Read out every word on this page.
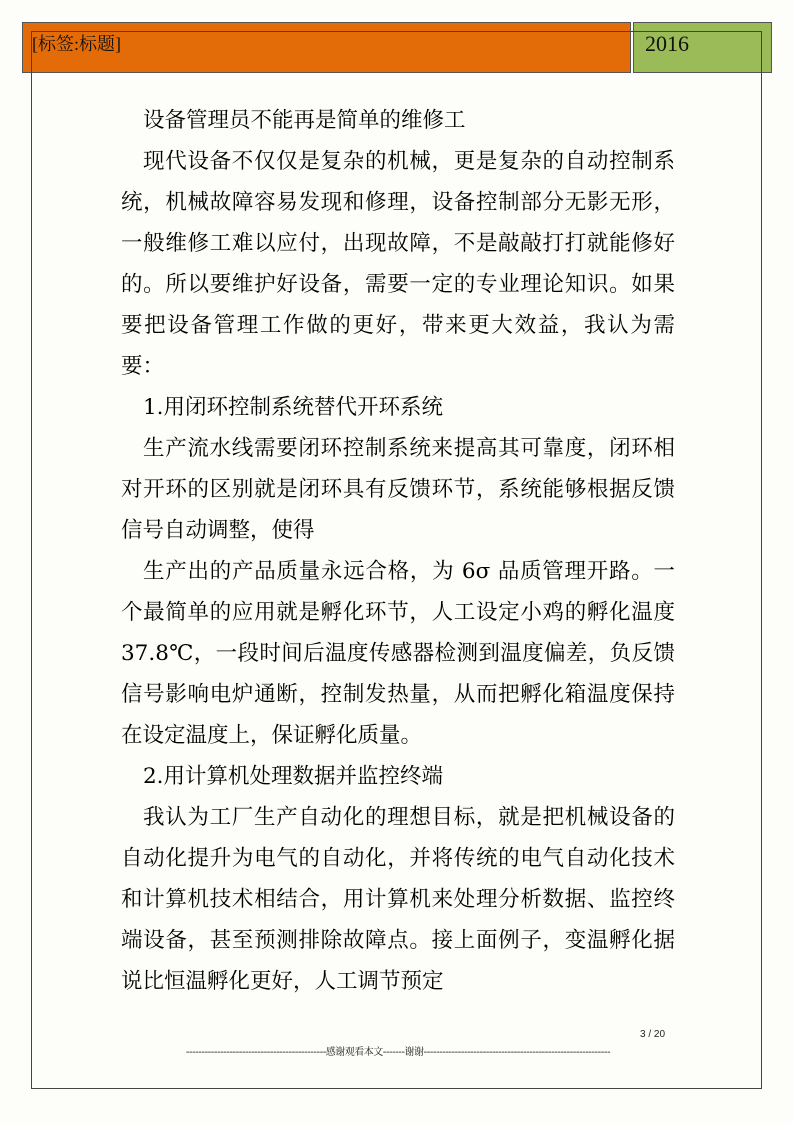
[标签:标题]	2016

设备管理员不能再是简单的维修工

现代设备不仅仅是复杂的机械，更是复杂的自动控制系统，机械故障容易发现和修理，设备控制部分无影无形，一般维修工难以应付，出现故障，不是敲敲打打就能修好的。所以要维护好设备，需要一定的专业理论知识。如果要把设备管理工作做的更好，带来更大效益，我认为需要：

1.用闭环控制系统替代开环系统

生产流水线需要闭环控制系统来提高其可靠度，闭环相对开环的区别就是闭环具有反馈环节，系统能够根据反馈信号自动调整，使得

生产出的产品质量永远合格，为 6σ 品质管理开路。一个最简单的应用就是孵化环节，人工设定小鸡的孵化温度 37.8℃，一段时间后温度传感器检测到温度偏差，负反馈信号影响电炉通断，控制发热量，从而把孵化箱温度保持在设定温度上，保证孵化质量。

2.用计算机处理数据并监控终端

我认为工厂生产自动化的理想目标，就是把机械设备的自动化提升为电气的自动化，并将传统的电气自动化技术和计算机技术相结合，用计算机来处理分析数据、监控终端设备，甚至预测排除故障点。接上面例子，变温孵化据说比恒温孵化更好，人工调节预定

3 / 20
---------------------------------------------感谢观看本文-------谢谢------------------------------------------------------------
